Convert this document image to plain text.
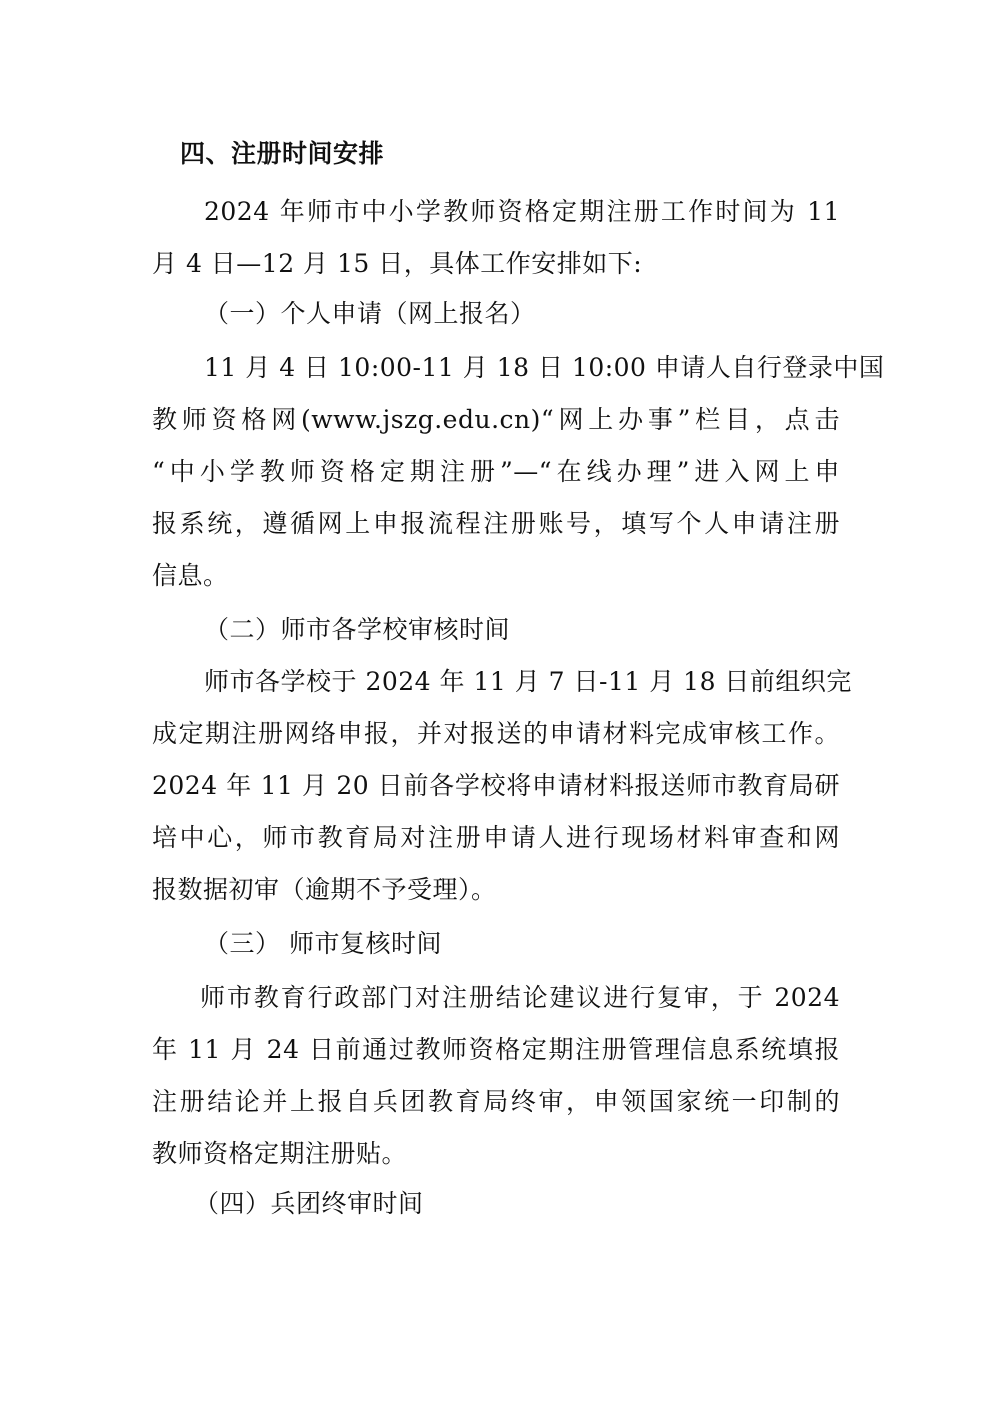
四、注册时间安排
2024 年师市中小学教师资格定期注册工作时间为 11
月 4 日—12 月 15 日，具体工作安排如下:
（一）个人申请（网上报名）
11 月 4 日 10:00-11 月 18 日 10:00 申请人自行登录中国
教师资格网(www.jszg.edu.cn)“网上办事”栏目，点击
“中小学教师资格定期注册”—“在线办理”进入网上申
报系统，遵循网上申报流程注册账号，填写个人申请注册
信息。
（二）师市各学校审核时间
师市各学校于 2024 年 11 月 7 日-11 月 18 日前组织完
成定期注册网络申报，并对报送的申请材料完成审核工作。
2024 年 11 月 20 日前各学校将申请材料报送师市教育局研
培中心，师市教育局对注册申请人进行现场材料审查和网
报数据初审（逾期不予受理）。
（三） 师市复核时间
师市教育行政部门对注册结论建议进行复审，于 2024
年 11 月 24 日前通过教师资格定期注册管理信息系统填报
注册结论并上报自兵团教育局终审，申领国家统一印制的
教师资格定期注册贴。
（四）兵团终审时间
